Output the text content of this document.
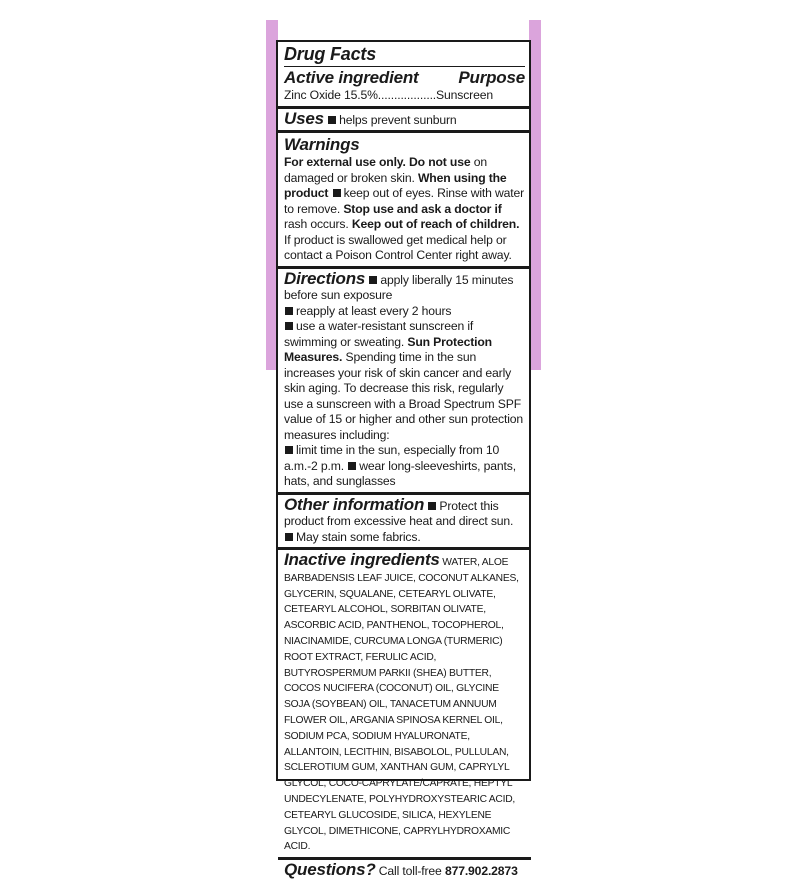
Drug Facts
Active ingredient Purpose
Zinc Oxide 15.5%..................Sunscreen
Uses helps prevent sunburn
Warnings
For external use only. Do not use on damaged or broken skin. When using the product keep out of eyes. Rinse with water to remove. Stop use and ask a doctor if rash occurs. Keep out of reach of children. If product is swallowed get medical help or contact a Poison Control Center right away.
Directions apply liberally 15 minutes before sun exposure
reapply at least every 2 hours
use a water-resistant sunscreen if swimming or sweating. Sun Protection Measures. Spending time in the sun increases your risk of skin cancer and early skin aging. To decrease this risk, regularly use a sunscreen with a Broad Spectrum SPF value of 15 or higher and other sun protection measures including:
limit time in the sun, especially from 10 a.m.-2 p.m. wear long-sleeveshirts, pants, hats, and sunglasses
Other information Protect this product from excessive heat and direct sun. May stain some fabrics.
Inactive ingredients WATER, ALOE BARBADENSIS LEAF JUICE, COCONUT ALKANES, GLYCERIN, SQUALANE, CETEARYL OLIVATE, CETEARYL ALCOHOL, SORBITAN OLIVATE, ASCORBIC ACID, PANTHENOL, TOCOPHEROL, NIACINAMIDE, CURCUMA LONGA (TURMERIC) ROOT EXTRACT, FERULIC ACID, BUTYROSPERMUM PARKII (SHEA) BUTTER, COCOS NUCIFERA (COCONUT) OIL, GLYCINE SOJA (SOYBEAN) OIL, TANACETUM ANNUUM FLOWER OIL, ARGANIA SPINOSA KERNEL OIL, SODIUM PCA, SODIUM HYALURONATE, ALLANTOIN, LECITHIN, BISABOLOL, PULLULAN, SCLEROTIUM GUM, XANTHAN GUM, CAPRYLYL GLYCOL, COCO-CAPRYLATE/CAPRATE, HEPTYL UNDECYLENATE, POLYHYDROXYSTEARIC ACID, CETEARYL GLUCOSIDE, SILICA, HEXYLENE GLYCOL, DIMETHICONE, CAPRYLHYDROXAMIC ACID.
Questions? Call toll-free 877.902.2873
